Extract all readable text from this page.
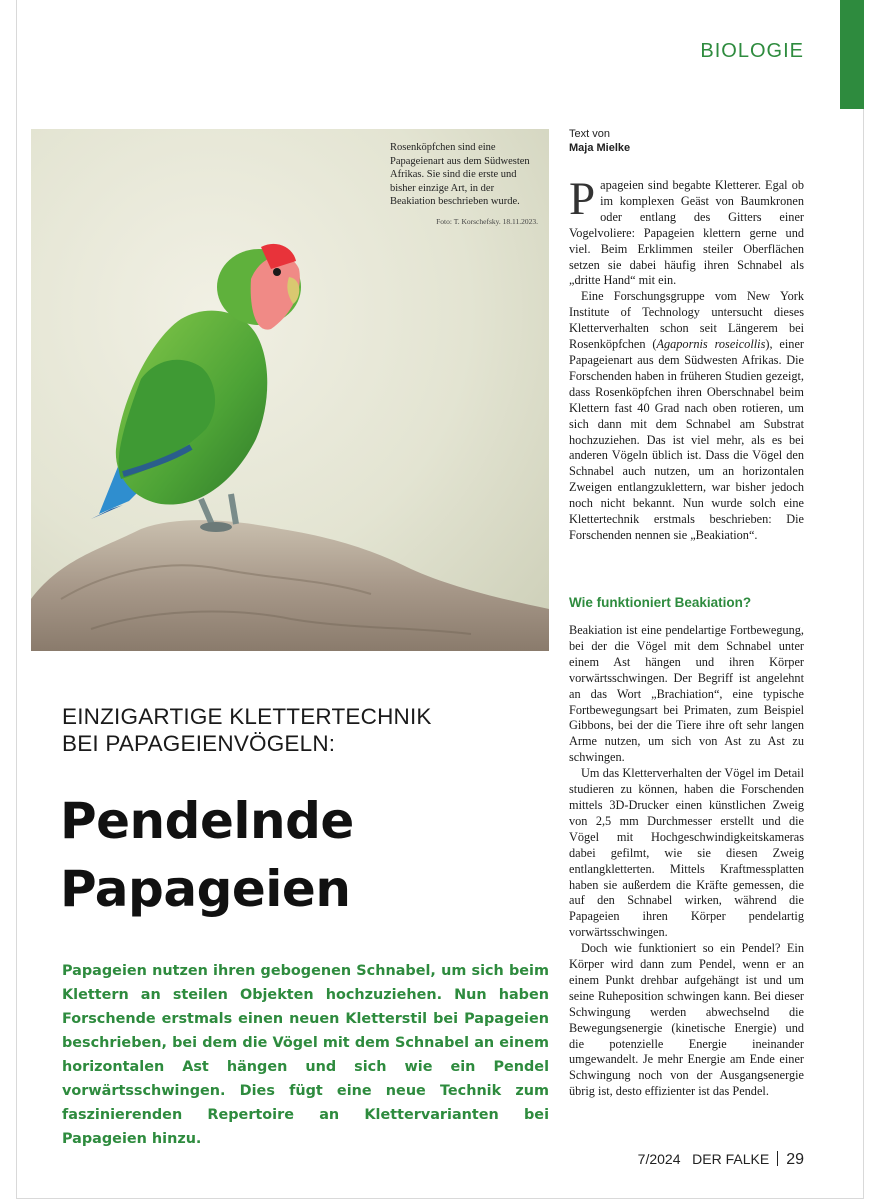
BIOLOGIE
Rosenköpfchen sind eine Papageienart aus dem Südwesten Afrikas. Sie sind die erste und bisher einzige Art, in der Beakiation beschrieben wurde.
Foto: T. Korschefsky. 18.11.2023.
EINZIGARTIGE KLETTERTECHNIK
BEI PAPAGEIENVÖGELN:
Pendelnde
Papageien
Papageien nutzen ihren gebogenen Schnabel, um sich beim Klettern an steilen Objekten hochzuziehen. Nun haben Forschende erstmals einen neuen Kletterstil bei Papageien beschrieben, bei dem die Vögel mit dem Schnabel an einem horizontalen Ast hängen und sich wie ein Pendel vorwärtsschwingen. Dies fügt eine neue Technik zum faszinierenden Repertoire an Klettervarianten bei Papageien hinzu.
Text von
Maja Mielke

Papageien sind begabte Kletterer. Egal ob im komplexen Geäst von Baumkronen oder entlang des Gitters einer Vogelvoliere: Papageien klettern gerne und viel. Beim Erklimmen steiler Oberflächen setzen sie dabei häufig ihren Schnabel als „dritte Hand“ mit ein.

Eine Forschungsgruppe vom New York Institute of Technology untersucht dieses Kletterverhalten schon seit Längerem bei Rosenköpfchen (Agapornis roseicollis), einer Papageienart aus dem Südwesten Afrikas. Die Forschenden haben in früheren Studien gezeigt, dass Rosenköpfchen ihren Oberschnabel beim Klettern fast 40 Grad nach oben rotieren, um sich dann mit dem Schnabel am Substrat hochzuziehen. Das ist viel mehr, als es bei anderen Vögeln üblich ist. Dass die Vögel den Schnabel auch nutzen, um an horizontalen Zweigen entlangzuklettern, war bisher jedoch noch nicht bekannt. Nun wurde solch eine Klettertechnik erstmals beschrieben: Die Forschenden nennen sie „Beakiation“.

Wie funktioniert Beakiation?

Beakiation ist eine pendelartige Fortbewegung, bei der die Vögel mit dem Schnabel unter einem Ast hängen und ihren Körper vorwärtsschwingen. Der Begriff ist angelehnt an das Wort „Brachiation“, eine typische Fortbewegungsart bei Primaten, zum Beispiel Gibbons, bei der die Tiere ihre oft sehr langen Arme nutzen, um sich von Ast zu Ast zu schwingen.

Um das Kletterverhalten der Vögel im Detail studieren zu können, haben die Forschenden mittels 3D-Drucker einen künstlichen Zweig von 2,5 mm Durchmesser erstellt und die Vögel mit Hochgeschwindigkeitskameras dabei gefilmt, wie sie diesen Zweig entlangkletterten. Mittels Kraftmessplatten haben sie außerdem die Kräfte gemessen, die auf den Schnabel wirken, während die Papageien ihren Körper pendelartig vorwärtsschwingen.

Doch wie funktioniert so ein Pendel? Ein Körper wird dann zum Pendel, wenn er an einem Punkt drehbar aufgehängt ist und um seine Ruheposition schwingen kann. Bei dieser Schwingung werden abwechselnd die Bewegungsenergie (kinetische Energie) und die potenzielle Energie ineinander umgewandelt. Je mehr Energie am Ende einer Schwingung noch von der Ausgangsenergie übrig ist, desto effizienter ist das Pendel.

7/2024 DER FALKE 29
